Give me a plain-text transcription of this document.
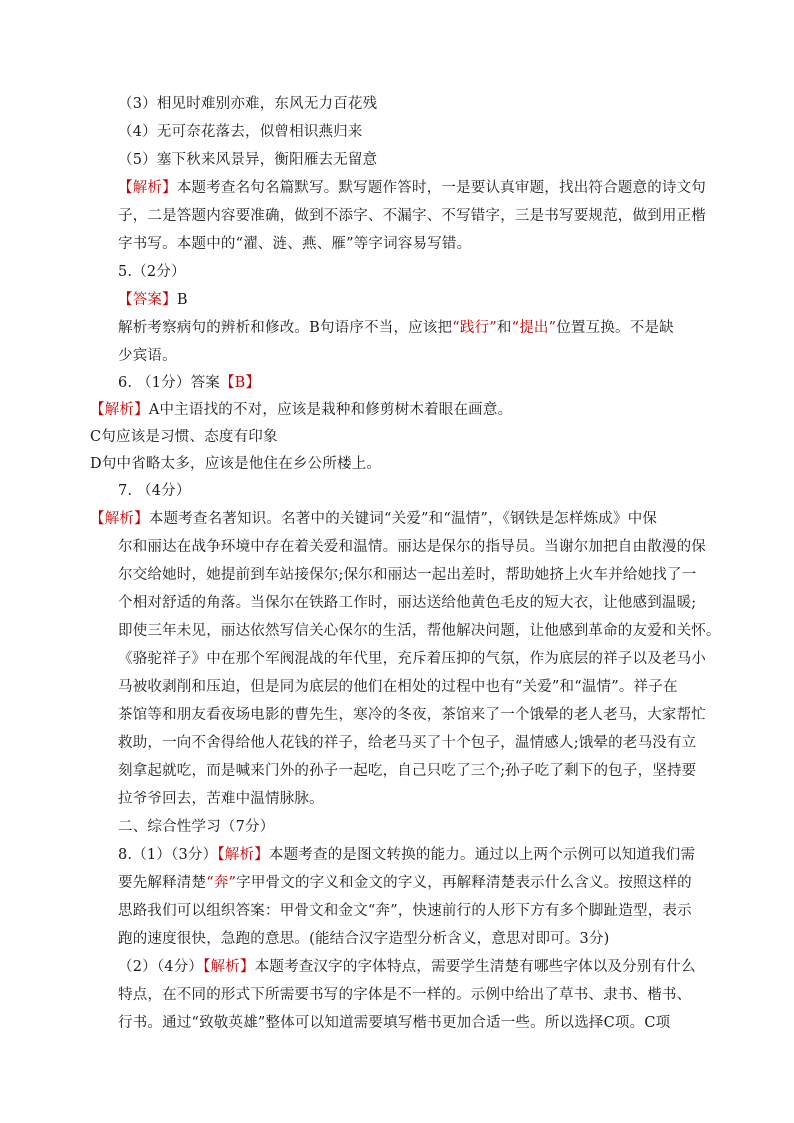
（3）相见时难别亦难，东风无力百花残
（4）无可奈花落去，似曾相识燕归来
（5）塞下秋来风景异，衡阳雁去无留意
【解析】本题考查名句名篇默写。默写题作答时，一是要认真审题，找出符合题意的诗文句
子，二是答题内容要准确，做到不添字、不漏字、不写错字，三是书写要规范，做到用正楷
字书写。本题中的“濯、涟、燕、雁”等字词容易写错。
5.（2分）
【答案】B
解析考察病句的辨析和修改。B句语序不当，应该把“践行”和“提出”位置互换。不是缺
少宾语。
6. （1分）答案【B】
【解析】A中主语找的不对，应该是栽种和修剪树木着眼在画意。
C句应该是习惯、态度有印象
D句中省略太多，应该是他住在乡公所楼上。
7. （4分）
【解析】本题考查名著知识。名著中的关键词“关爱”和“温情”，《钢铁是怎样炼成》中保
尔和丽达在战争环境中存在着关爱和温情。丽达是保尔的指导员。当谢尔加把自由散漫的保
尔交给她时，她提前到车站接保尔;保尔和丽达一起出差时，帮助她挤上火车并给她找了一
个相对舒适的角落。当保尔在铁路工作时，丽达送给他黄色毛皮的短大衣，让他感到温暖;
即使三年未见，丽达依然写信关心保尔的生活，帮他解决问题，让他感到革命的友爱和关怀。
《骆驼祥子》中在那个军阀混战的年代里，充斥着压抑的气氛，作为底层的祥子以及老马小
马被收剥削和压迫，但是同为底层的他们在相处的过程中也有“关爱”和“温情”。祥子在
茶馆等和朋友看夜场电影的曹先生，寒冷的冬夜，茶馆来了一个饿晕的老人老马，大家帮忙
救助，一向不舍得给他人花钱的祥子，给老马买了十个包子，温情感人;饿晕的老马没有立
刻拿起就吃，而是喊来门外的孙子一起吃，自己只吃了三个;孙子吃了剩下的包子，坚持要
拉爷爷回去，苦难中温情脉脉。
二、综合性学习（7分）
8.（1）（3分）【解析】本题考查的是图文转换的能力。通过以上两个示例可以知道我们需
要先解释清楚“奔”字甲骨文的字义和金文的字义，再解释清楚表示什么含义。按照这样的
思路我们可以组织答案：甲骨文和金文“奔”，快速前行的人形下方有多个脚趾造型，表示
跑的速度很快，急跑的意思。(能结合汉字造型分析含义，意思对即可。3分)
（2）（4分）【解析】本题考查汉字的字体特点，需要学生清楚有哪些字体以及分别有什么
特点，在不同的形式下所需要书写的字体是不一样的。示例中给出了草书、隶书、楷书、
行书。通过“致敬英雄”整体可以知道需要填写楷书更加合适一些。所以选择C项。C项
